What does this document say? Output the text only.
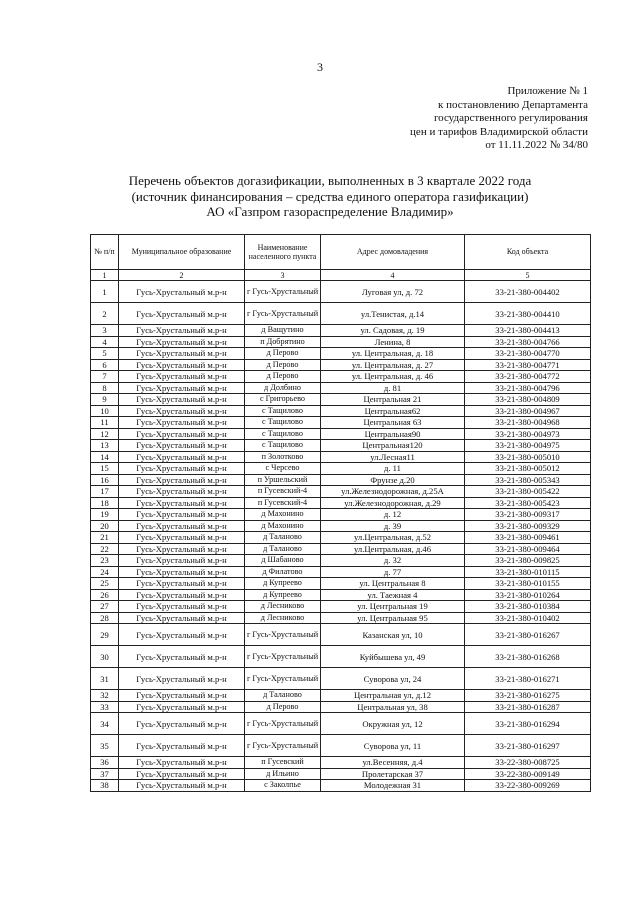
3
Приложение № 1
к постановлению Департамента
государственного регулирования
цен и тарифов Владимирской области
от 11.11.2022 № 34/80
Перечень объектов догазификации, выполненных в 3 квартале 2022 года
(источник финансирования – средства единого оператора газификации)
АО «Газпром газораспределение Владимир»
№ п/п	Муниципальное образование	Наименование населенного пункта	Адрес домовладения	Код объекта
1	2	3	4	5
1	Гусь-Хрустальный м.р-н	г Гусь-Хрустальный	Луговая ул, д. 72	33-21-380-004402
2	Гусь-Хрустальный м.р-н	г Гусь-Хрустальный	ул.Тенистая, д.14	33-21-380-004410
3	Гусь-Хрустальный м.р-н	д Ващутино	ул. Садовая, д. 19	33-21-380-004413
4	Гусь-Хрустальный м.р-н	п Добрятино	Ленина, 8	33-21-380-004766
5	Гусь-Хрустальный м.р-н	д Перово	ул. Центральная, д. 18	33-21-380-004770
6	Гусь-Хрустальный м.р-н	д Перово	ул. Центральная, д. 27	33-21-380-004771
7	Гусь-Хрустальный м.р-н	д Перово	ул. Центральная, д. 46	33-21-380-004772
8	Гусь-Хрустальный м.р-н	д Долбино	д. 81	33-21-380-004796
9	Гусь-Хрустальный м.р-н	с Григорьево	Центральная 21	33-21-380-004809
10	Гусь-Хрустальный м.р-н	с Тащилово	Центральная62	33-21-380-004967
11	Гусь-Хрустальный м.р-н	с Тащилово	Центральная 63	33-21-380-004968
12	Гусь-Хрустальный м.р-н	с Тащилово	Центральная90	33-21-380-004973
13	Гусь-Хрустальный м.р-н	с Тащилово	Центральная120	33-21-380-004975
14	Гусь-Хрустальный м.р-н	п Золотково	ул.Лесная11	33-21-380-005010
15	Гусь-Хрустальный м.р-н	с Черсево	д. 11	33-21-380-005012
16	Гусь-Хрустальный м.р-н	п Уршельский	Фрунзе д.20	33-21-380-005343
17	Гусь-Хрустальный м.р-н	п Гусевский-4	ул.Железнодорожная, д.25А	33-21-380-005422
18	Гусь-Хрустальный м.р-н	п Гусевский-4	ул.Железнодорожная, д.29	33-21-380-005423
19	Гусь-Хрустальный м.р-н	д Махонино	д. 12	33-21-380-009317
20	Гусь-Хрустальный м.р-н	д Махонино	д. 39	33-21-380-009329
21	Гусь-Хрустальный м.р-н	д Таланово	ул.Центральная, д.52	33-21-380-009461
22	Гусь-Хрустальный м.р-н	д Таланово	ул.Центральная, д.46	33-21-380-009464
23	Гусь-Хрустальный м.р-н	д Шабаново	д. 32	33-21-380-009825
24	Гусь-Хрустальный м.р-н	д Филатово	д. 77	33-21-380-010115
25	Гусь-Хрустальный м.р-н	д Купреево	ул. Центральная 8	33-21-380-010155
26	Гусь-Хрустальный м.р-н	д Купреево	ул. Таежная 4	33-21-380-010264
27	Гусь-Хрустальный м.р-н	д Лесниково	ул. Центральная 19	33-21-380-010384
28	Гусь-Хрустальный м.р-н	д Лесниково	ул. Центральная 95	33-21-380-010402
29	Гусь-Хрустальный м.р-н	г Гусь-Хрустальный	Казанская ул, 10	33-21-380-016267
30	Гусь-Хрустальный м.р-н	г Гусь-Хрустальный	Куйбышева ул, 49	33-21-380-016268
31	Гусь-Хрустальный м.р-н	г Гусь-Хрустальный	Суворова ул, 24	33-21-380-016271
32	Гусь-Хрустальный м.р-н	д Таланово	Центральная ул, д.12	33-21-380-016275
33	Гусь-Хрустальный м.р-н	д Перово	Центральная ул, 38	33-21-380-016287
34	Гусь-Хрустальный м.р-н	г Гусь-Хрустальный	Окружная ул, 12	33-21-380-016294
35	Гусь-Хрустальный м.р-н	г Гусь-Хрустальный	Суворова ул, 11	33-21-380-016297
36	Гусь-Хрустальный м.р-н	п Гусевский	ул.Весенняя, д.4	33-22-380-008725
37	Гусь-Хрустальный м.р-н	д Ильино	Пролетарская 37	33-22-380-009149
38	Гусь-Хрустальный м.р-н	с Заколпье	Молодежная 31	33-22-380-009269
